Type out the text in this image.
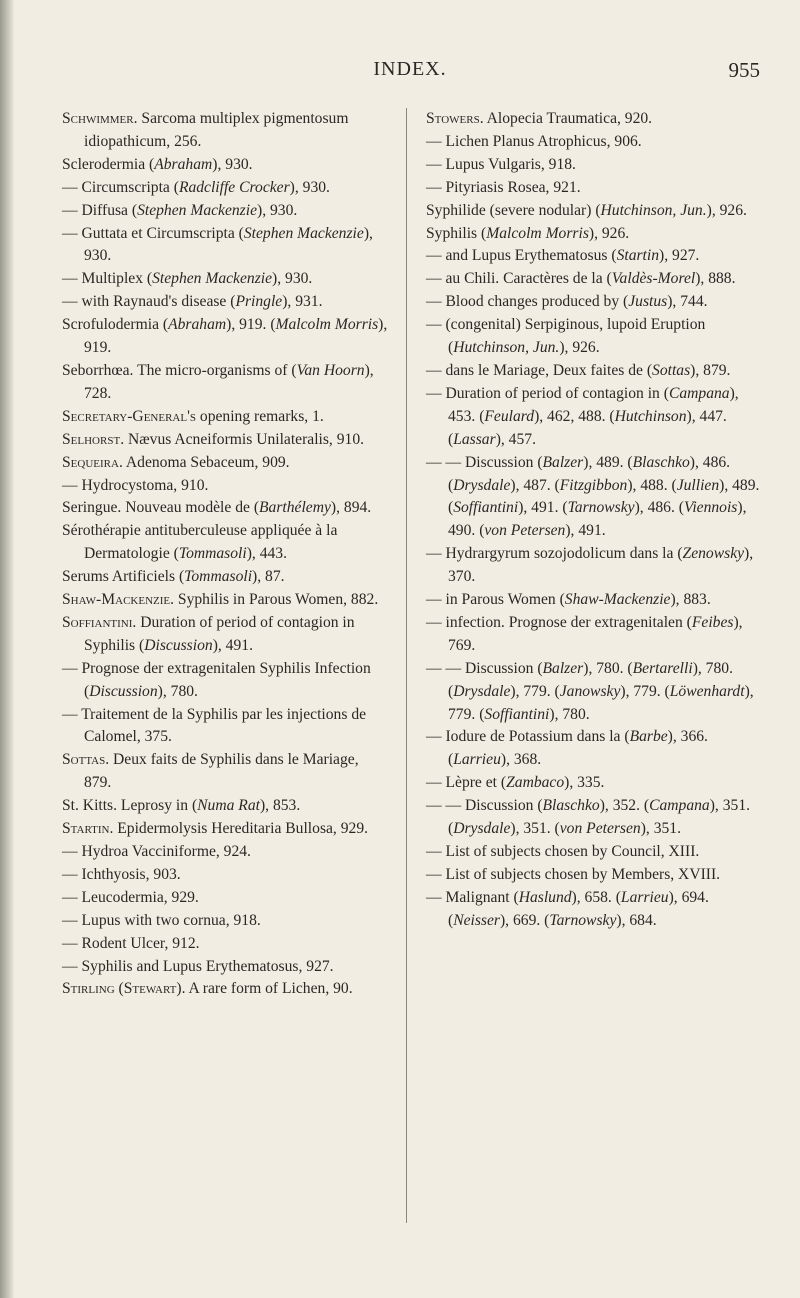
INDEX.	955

Schwimmer. Sarcoma multiplex pigmentosum idiopathicum, 256.

Sclerodermia (Abraham), 930.

— Circumscripta (Radcliffe Crocker), 930.

— Diffusa (Stephen Mackenzie), 930.

— Guttata et Circumscripta (Stephen Mackenzie), 930.

— Multiplex (Stephen Mackenzie), 930.

— with Raynaud's disease (Pringle), 931.

Scrofulodermia (Abraham), 919. (Malcolm Morris), 919.

Seborrhœa. The micro-organisms of (Van Hoorn), 728.

Secretary-General's opening remarks, 1.

Selhorst. Nævus Acneiformis Unilateralis, 910.

Sequeira. Adenoma Sebaceum, 909.

— Hydrocystoma, 910.

Seringue. Nouveau modèle de (Barthélemy), 894.

Sérothérapie antituberculeuse appliquée à la Dermatologie (Tommasoli), 443.

Serums Artificiels (Tommasoli), 87.

Shaw-Mackenzie. Syphilis in Parous Women, 882.

Soffiantini. Duration of period of contagion in Syphilis (Discussion), 491.

— Prognose der extragenitalen Syphilis Infection (Discussion), 780.

— Traitement de la Syphilis par les injections de Calomel, 375.

Sottas. Deux faits de Syphilis dans le Mariage, 879.

St. Kitts. Leprosy in (Numa Rat), 853.

Startin. Epidermolysis Hereditaria Bullosa, 929.

— Hydroa Vacciniforme, 924.

— Ichthyosis, 903.

— Leucodermia, 929.

— Lupus with two cornua, 918.

— Rodent Ulcer, 912.

— Syphilis and Lupus Erythematosus, 927.

Stirling (Stewart). A rare form of Lichen, 90.

Stowers. Alopecia Traumatica, 920.

— Lichen Planus Atrophicus, 906.

— Lupus Vulgaris, 918.

— Pityriasis Rosea, 921.

Syphilide (severe nodular) (Hutchinson, Jun.), 926.

Syphilis (Malcolm Morris), 926.

— and Lupus Erythematosus (Startin), 927.

— au Chili. Caractères de la (Valdès-Morel), 888.

— Blood changes produced by (Justus), 744.

— (congenital) Serpiginous, lupoid Eruption (Hutchinson, Jun.), 926.

— dans le Mariage, Deux faites de (Sottas), 879.

— Duration of period of contagion in (Campana), 453. (Feulard), 462, 488. (Hutchinson), 447. (Lassar), 457.

— — Discussion (Balzer), 489. (Blaschko), 486. (Drysdale), 487. (Fitzgibbon), 488. (Jullien), 489. (Soffiantini), 491. (Tarnowsky), 486. (Viennois), 490. (von Petersen), 491.

— Hydrargyrum sozojodolicum dans la (Zenowsky), 370.

— in Parous Women (Shaw-Mackenzie), 883.

— infection. Prognose der extragenitalen (Feibes), 769.

— — Discussion (Balzer), 780. (Bertarelli), 780. (Drysdale), 779. (Janowsky), 779. (Löwenhardt), 779. (Soffiantini), 780.

— Iodure de Potassium dans la (Barbe), 366. (Larrieu), 368.

— Lèpre et (Zambaco), 335.

— — Discussion (Blaschko), 352. (Campana), 351. (Drysdale), 351. (von Petersen), 351.

— List of subjects chosen by Council, XIII.

— List of subjects chosen by Members, XVIII.

— Malignant (Haslund), 658. (Larrieu), 694. (Neisser), 669. (Tarnowsky), 684.
